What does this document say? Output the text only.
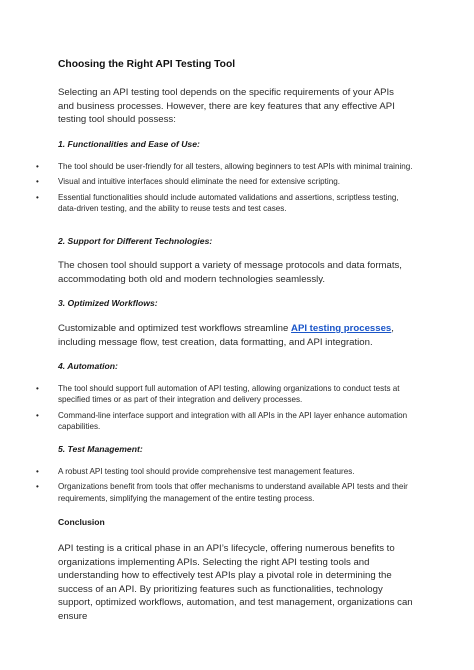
Choosing the Right API Testing Tool
Selecting an API testing tool depends on the specific requirements of your APIs and business processes. However, there are key features that any effective API testing tool should possess:
1. Functionalities and Ease of Use:
• The tool should be user-friendly for all testers, allowing beginners to test APIs with minimal training.
• Visual and intuitive interfaces should eliminate the need for extensive scripting.
• Essential functionalities should include automated validations and assertions, scriptless testing, data-driven testing, and the ability to reuse tests and test cases.
2. Support for Different Technologies:
The chosen tool should support a variety of message protocols and data formats, accommodating both old and modern technologies seamlessly.
3. Optimized Workflows:
Customizable and optimized test workflows streamline API testing processes, including message flow, test creation, data formatting, and API integration.
4. Automation:
• The tool should support full automation of API testing, allowing organizations to conduct tests at specified times or as part of their integration and delivery processes.
• Command-line interface support and integration with all APIs in the API layer enhance automation capabilities.
5. Test Management:
• A robust API testing tool should provide comprehensive test management features.
• Organizations benefit from tools that offer mechanisms to understand available API tests and their requirements, simplifying the management of the entire testing process.
Conclusion
API testing is a critical phase in an API’s lifecycle, offering numerous benefits to organizations implementing APIs. Selecting the right API testing tools and understanding how to effectively test APIs play a pivotal role in determining the success of an API. By prioritizing features such as functionalities, technology support, optimized workflows, automation, and test management, organizations can ensure
